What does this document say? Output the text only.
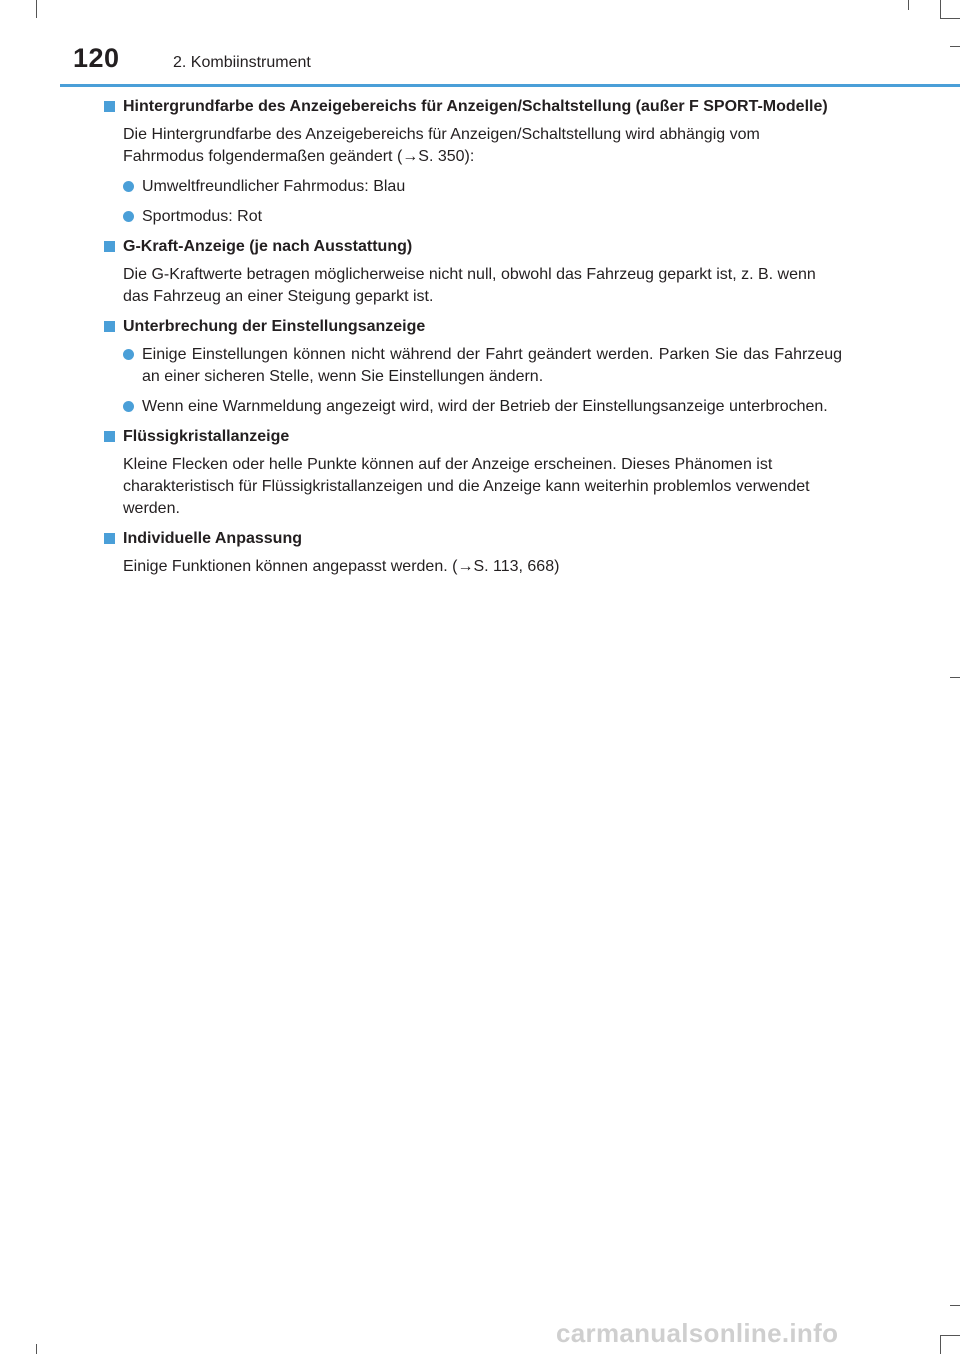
120	2. Kombiinstrument
Hintergrundfarbe des Anzeigebereichs für Anzeigen/Schaltstellung (außer F SPORT-Modelle)
Die Hintergrundfarbe des Anzeigebereichs für Anzeigen/Schaltstellung wird abhängig vom Fahrmodus folgendermaßen geändert (→S. 350):
Umweltfreundlicher Fahrmodus: Blau
Sportmodus: Rot
G-Kraft-Anzeige (je nach Ausstattung)
Die G-Kraftwerte betragen möglicherweise nicht null, obwohl das Fahrzeug geparkt ist, z. B. wenn das Fahrzeug an einer Steigung geparkt ist.
Unterbrechung der Einstellungsanzeige
Einige Einstellungen können nicht während der Fahrt geändert werden. Parken Sie das Fahrzeug an einer sicheren Stelle, wenn Sie Einstellungen ändern.
Wenn eine Warnmeldung angezeigt wird, wird der Betrieb der Einstellungsanzeige unterbrochen.
Flüssigkristallanzeige
Kleine Flecken oder helle Punkte können auf der Anzeige erscheinen. Dieses Phänomen ist charakteristisch für Flüssigkristallanzeigen und die Anzeige kann weiterhin problemlos verwendet werden.
Individuelle Anpassung
Einige Funktionen können angepasst werden. (→S. 113, 668)
carmanualsonline.info
